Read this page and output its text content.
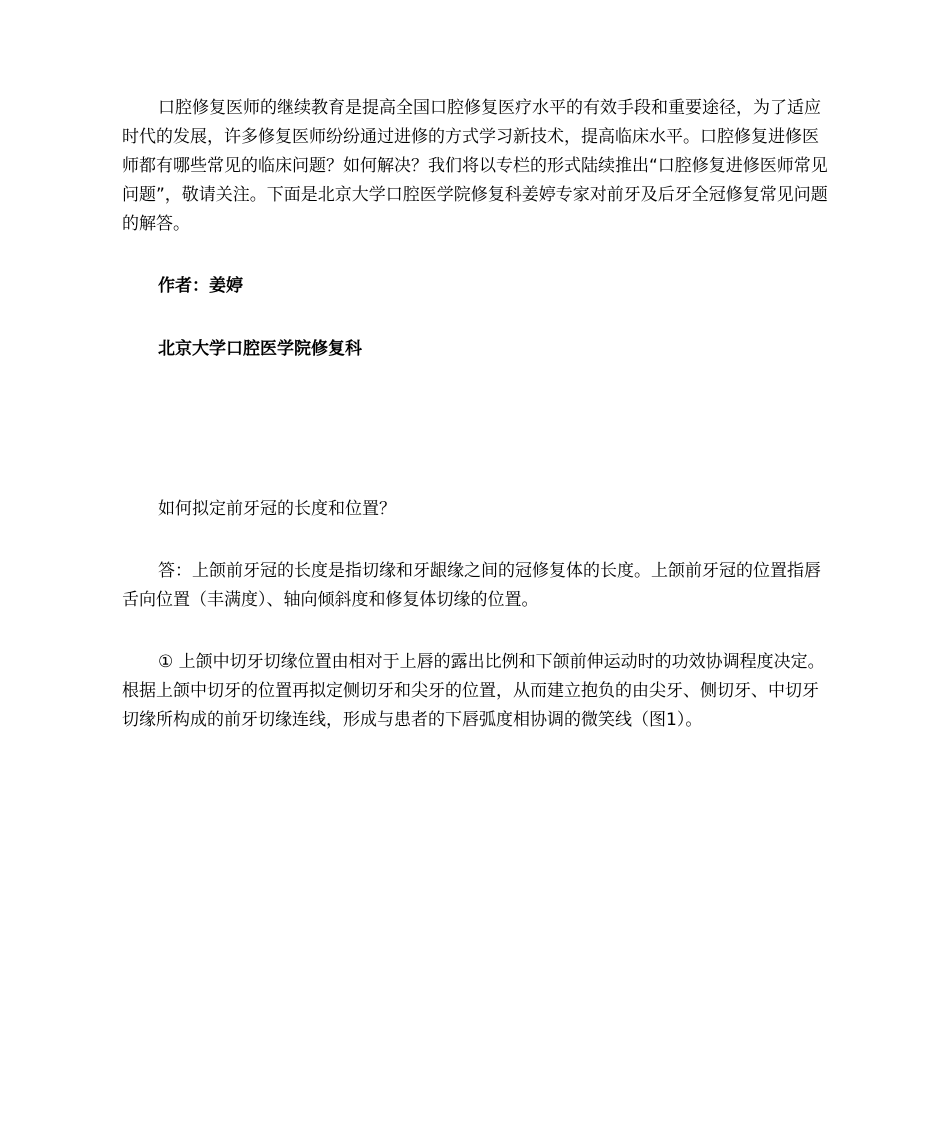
口腔修复医师的继续教育是提高全国口腔修复医疗水平的有效手段和重要途径，为了适应时代的发展，许多修复医师纷纷通过进修的方式学习新技术，提高临床水平。口腔修复进修医师都有哪些常见的临床问题？如何解决？我们将以专栏的形式陆续推出“口腔修复进修医师常见问题”，敬请关注。下面是北京大学口腔医学院修复科姜婷专家对前牙及后牙全冠修复常见问题的解答。

作者：姜婷

北京大学口腔医学院修复科

如何拟定前牙冠的长度和位置？

答：上颌前牙冠的长度是指切缘和牙龈缘之间的冠修复体的长度。上颌前牙冠的位置指唇舌向位置（丰满度）、轴向倾斜度和修复体切缘的位置。

① 上颌中切牙切缘位置由相对于上唇的露出比例和下颌前伸运动时的功效协调程度决定。根据上颌中切牙的位置再拟定侧切牙和尖牙的位置，从而建立抱负的由尖牙、侧切牙、中切牙切缘所构成的前牙切缘连线，形成与患者的下唇弧度相协调的微笑线（图1）。
